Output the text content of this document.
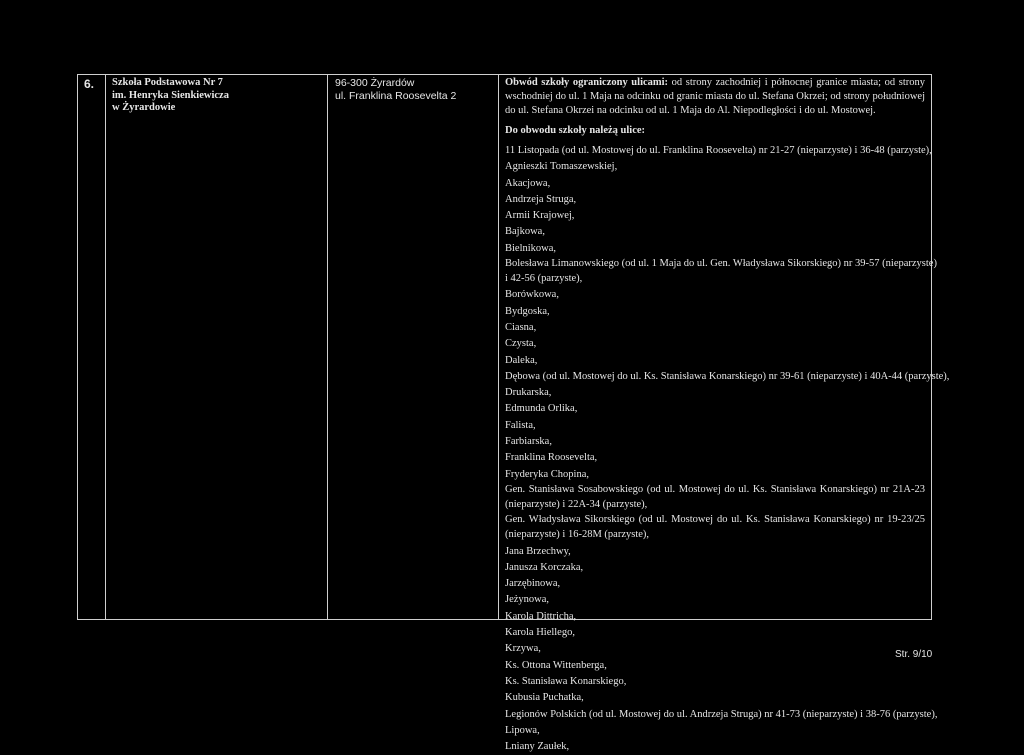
6.	Szkoła Podstawowa Nr 7
im. Henryka Sienkiewicza
w Żyrardowie
96-300 Żyrardów
ul. Franklina Roosevelta 2
Obwód szkoły ograniczony ulicami: od strony zachodniej i północnej granice miasta; od strony
wschodniej do ul. 1 Maja na odcinku od granic miasta do ul. Stefana Okrzei; od strony południowej
do ul. Stefana Okrzei na odcinku od ul. 1 Maja do Al. Niepodległości i do ul. Mostowej.
Do obwodu szkoły należą ulice:
11 Listopada (od ul. Mostowej do ul. Franklina Roosevelta) nr 21-27 (nieparzyste) i 36-48 (parzyste),
Agnieszki Tomaszewskiej,
Akacjowa,
Andrzeja Struga,
Armii Krajowej,
Bajkowa,
Bielnikowa,
Bolesława Limanowskiego (od ul. 1 Maja do ul. Gen. Władysława Sikorskiego) nr 39-57 (nieparzyste)
i 42-56 (parzyste),
Borówkowa,
Bydgoska,
Ciasna,
Czysta,
Daleka,
Dębowa (od ul. Mostowej do ul. Ks. Stanisława Konarskiego) nr 39-61 (nieparzyste) i 40A-44 (parzyste),
Drukarska,
Edmunda Orlika,
Falista,
Farbiarska,
Franklina Roosevelta,
Fryderyka Chopina,
Gen. Stanisława Sosabowskiego (od ul. Mostowej do ul. Ks. Stanisława Konarskiego) nr 21A-23
(nieparzyste) i 22A-34 (parzyste),
Gen. Władysława Sikorskiego (od ul. Mostowej do ul. Ks. Stanisława Konarskiego) nr 19-23/25
(nieparzyste) i 16-28M (parzyste),
Jana Brzechwy,
Janusza Korczaka,
Jarzębinowa,
Jeżynowa,
Karola Dittricha,
Karola Hiellego,
Krzywa,
Ks. Ottona Wittenberga,
Ks. Stanisława Konarskiego,
Kubusia Puchatka,
Legionów Polskich (od ul. Mostowej do ul. Andrzeja Struga) nr 41-73 (nieparzyste) i 38-76 (parzyste),
Lipowa,
Lniany Zaułek,
Str. 9/10
